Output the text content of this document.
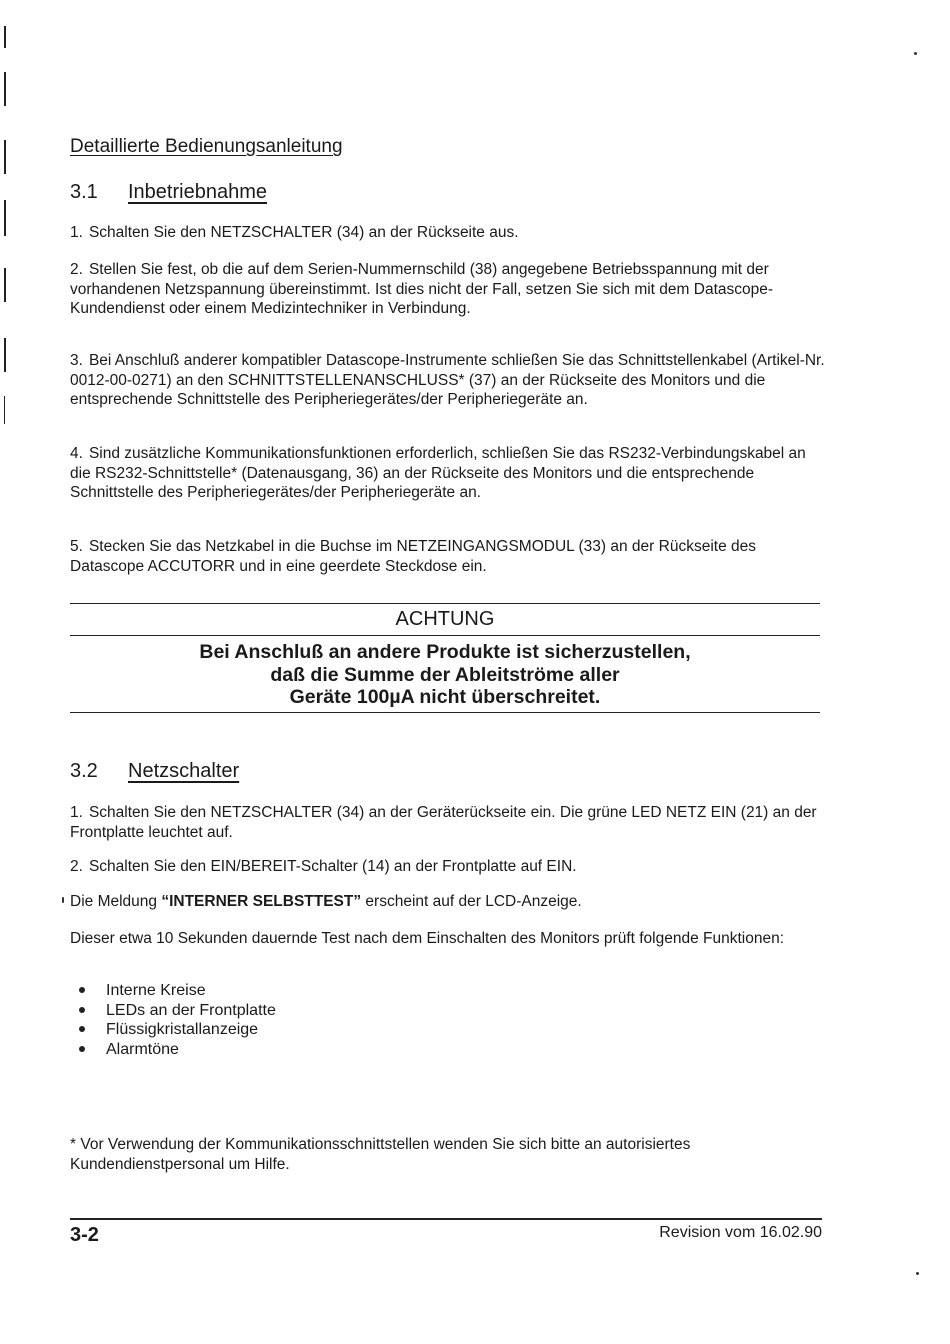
Detaillierte Bedienungsanleitung
3.1 Inbetriebnahme

1. Schalten Sie den NETZSCHALTER (34) an der Rückseite aus.

2. Stellen Sie fest, ob die auf dem Serien-Nummernschild (38) angegebene Betriebsspannung mit der vorhandenen Netzspannung übereinstimmt. Ist dies nicht der Fall, setzen Sie sich mit dem Datascope-Kundendienst oder einem Medizintechniker in Verbindung.

3. Bei Anschluß anderer kompatibler Datascope-Instrumente schließen Sie das Schnittstellenkabel (Artikel-Nr. 0012-00-0271) an den SCHNITTSTELLENANSCHLUSS* (37) an der Rückseite des Monitors und die entsprechende Schnittstelle des Peripheriegerätes/der Peripheriegeräte an.

4. Sind zusätzliche Kommunikationsfunktionen erforderlich, schließen Sie das RS232-Verbindungskabel an die RS232-Schnittstelle* (Datenausgang, 36) an der Rückseite des Monitors und die entsprechende Schnittstelle des Peripheriegerätes/der Peripheriegeräte an.

5. Stecken Sie das Netzkabel in die Buchse im NETZEINGANGSMODUL (33) an der Rückseite des Datascope ACCUTORR und in eine geerdete Steckdose ein.

ACHTUNG
Bei Anschluß an andere Produkte ist sicherzustellen,
daß die Summe der Ableitströme aller
Geräte 100µA nicht überschreitet.
3.2 Netzschalter

1. Schalten Sie den NETZSCHALTER (34) an der Geräterückseite ein. Die grüne LED NETZ EIN (21) an der Frontplatte leuchtet auf.

2. Schalten Sie den EIN/BEREIT-Schalter (14) an der Frontplatte auf EIN.

Die Meldung “INTERNER SELBSTTEST” erscheint auf der LCD-Anzeige.

Dieser etwa 10 Sekunden dauernde Test nach dem Einschalten des Monitors prüft folgende Funktionen:

Interne Kreise
LEDs an der Frontplatte
Flüssigkristallanzeige
Alarmtöne

* Vor Verwendung der Kommunikationsschnittstellen wenden Sie sich bitte an autorisiertes Kundendienstpersonal um Hilfe.

3-2	Revision vom 16.02.90
